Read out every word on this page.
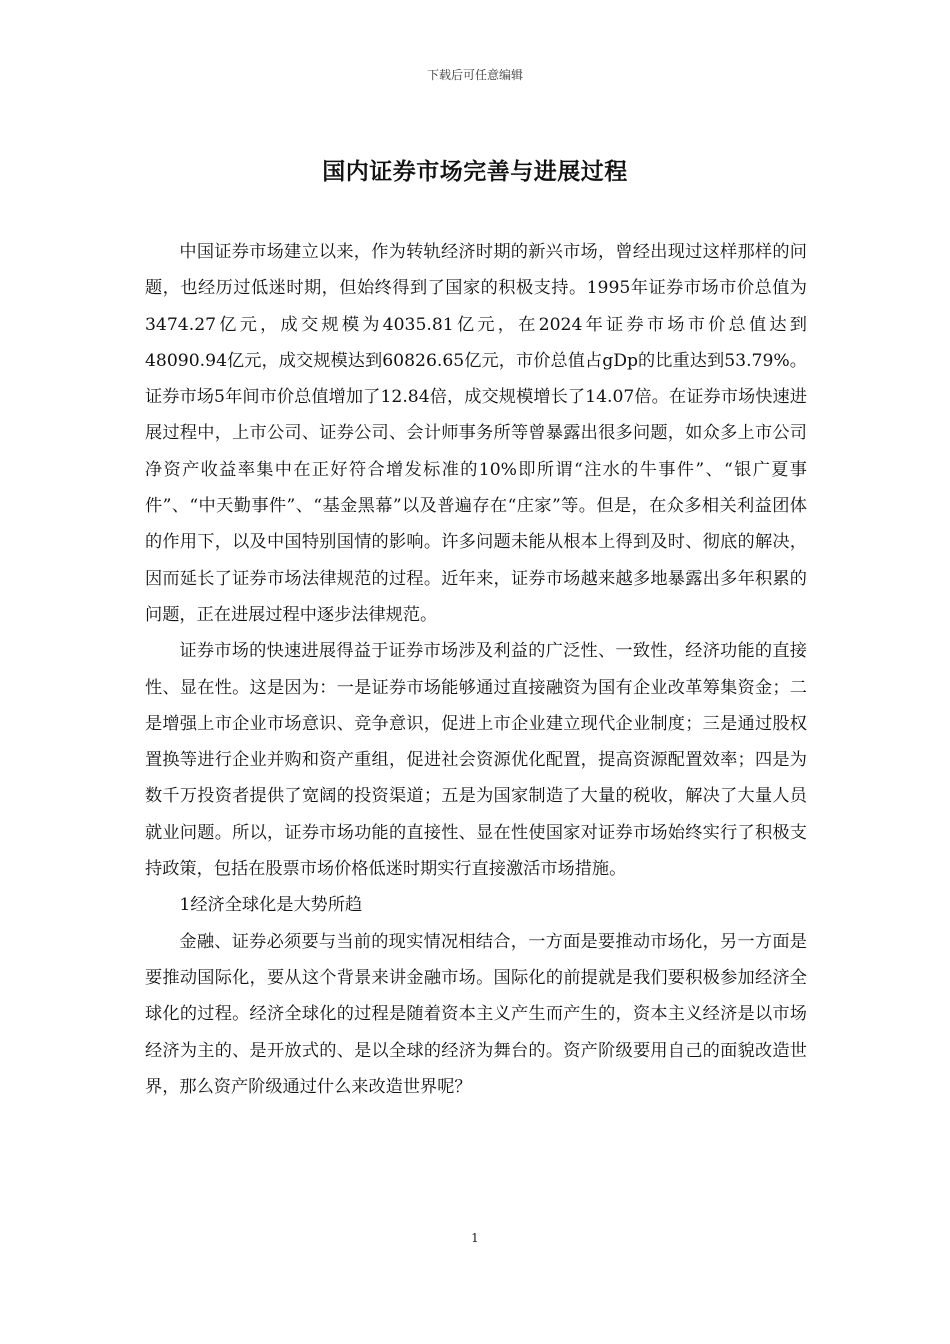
下载后可任意编辑
国内证券市场完善与进展过程

中国证券市场建立以来，作为转轨经济时期的新兴市场，曾经出现过这样那样的问题，也经历过低迷时期，但始终得到了国家的积极支持。1995年证券市场市价总值为3474.27亿元，成交规模为4035.81亿元，在2024年证券市场市价总值达到48090.94亿元，成交规模达到60826.65亿元，市价总值占gDp的比重达到53.79%。证券市场5年间市价总值增加了12.84倍，成交规模增长了14.07倍。在证券市场快速进展过程中，上市公司、证券公司、会计师事务所等曾暴露出很多问题，如众多上市公司净资产收益率集中在正好符合增发标准的10%即所谓“注水的牛事件”、“银广夏事件”、“中天勤事件”、“基金黑幕”以及普遍存在“庄家”等。但是，在众多相关利益团体的作用下，以及中国特别国情的影响。许多问题未能从根本上得到及时、彻底的解决，因而延长了证券市场法律规范的过程。近年来，证券市场越来越多地暴露出多年积累的问题，正在进展过程中逐步法律规范。

证券市场的快速进展得益于证券市场涉及利益的广泛性、一致性，经济功能的直接性、显在性。这是因为：一是证券市场能够通过直接融资为国有企业改革筹集资金；二是增强上市企业市场意识、竞争意识，促进上市企业建立现代企业制度；三是通过股权置换等进行企业并购和资产重组，促进社会资源优化配置，提高资源配置效率；四是为数千万投资者提供了宽阔的投资渠道；五是为国家制造了大量的税收，解决了大量人员就业问题。所以，证券市场功能的直接性、显在性使国家对证券市场始终实行了积极支持政策，包括在股票市场价格低迷时期实行直接激活市场措施。

1经济全球化是大势所趋

金融、证券必须要与当前的现实情况相结合，一方面是要推动市场化，另一方面是要推动国际化，要从这个背景来讲金融市场。国际化的前提就是我们要积极参加经济全球化的过程。经济全球化的过程是随着资本主义产生而产生的，资本主义经济是以市场经济为主的、是开放式的、是以全球的经济为舞台的。资产阶级要用自己的面貌改造世界，那么资产阶级通过什么来改造世界呢？

1
